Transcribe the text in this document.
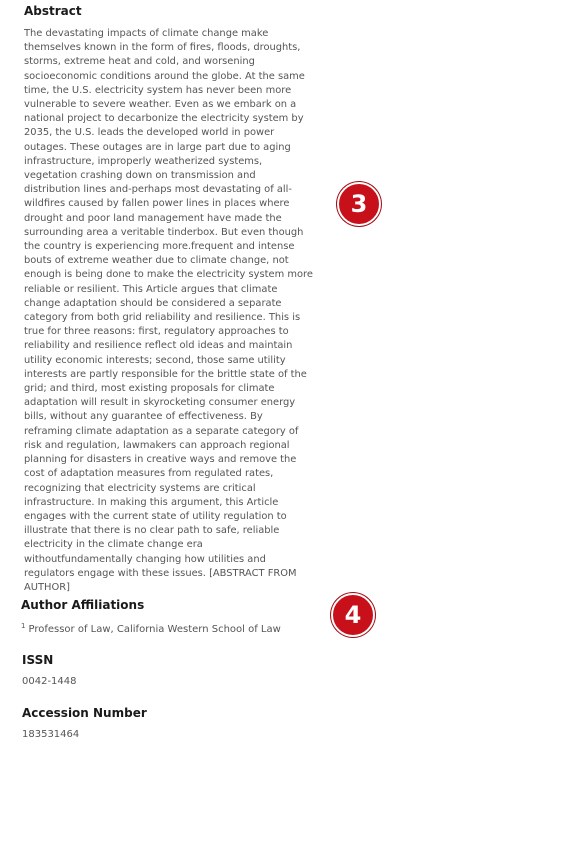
Abstract

The devastating impacts of climate change make themselves known in the form of fires, floods, droughts, storms, extreme heat and cold, and worsening socioeconomic conditions around the globe. At the same time, the U.S. electricity system has never been more vulnerable to severe weather. Even as we embark on a national project to decarbonize the electricity system by 2035, the U.S. leads the developed world in power outages. These outages are in large part due to aging infrastructure, improperly weatherized systems, vegetation crashing down on transmission and distribution lines and-perhaps most devastating of all-wildfires caused by fallen power lines in places where drought and poor land management have made the surrounding area a veritable tinderbox. But even though the country is experiencing more.frequent and intense bouts of extreme weather due to climate change, not enough is being done to make the electricity system more reliable or resilient. This Article argues that climate change adaptation should be considered a separate category from both grid reliability and resilience. This is true for three reasons: first, regulatory approaches to reliability and resilience reflect old ideas and maintain utility economic interests; second, those same utility interests are partly responsible for the brittle state of the grid; and third, most existing proposals for climate adaptation will result in skyrocketing consumer energy bills, without any guarantee of effectiveness. By reframing climate adaptation as a separate category of risk and regulation, lawmakers can approach regional planning for disasters in creative ways and remove the cost of adaptation measures from regulated rates, recognizing that electricity systems are critical infrastructure. In making this argument, this Article engages with the current state of utility regulation to illustrate that there is no clear path to safe, reliable electricity in the climate change era withoutfundamentally changing how utilities and regulators engage with these issues. [ABSTRACT FROM AUTHOR]

Author Affiliations

$^1$ Professor of Law, California Western School of Law

ISSN

0042-1448

Accession Number

183531464

3
4
